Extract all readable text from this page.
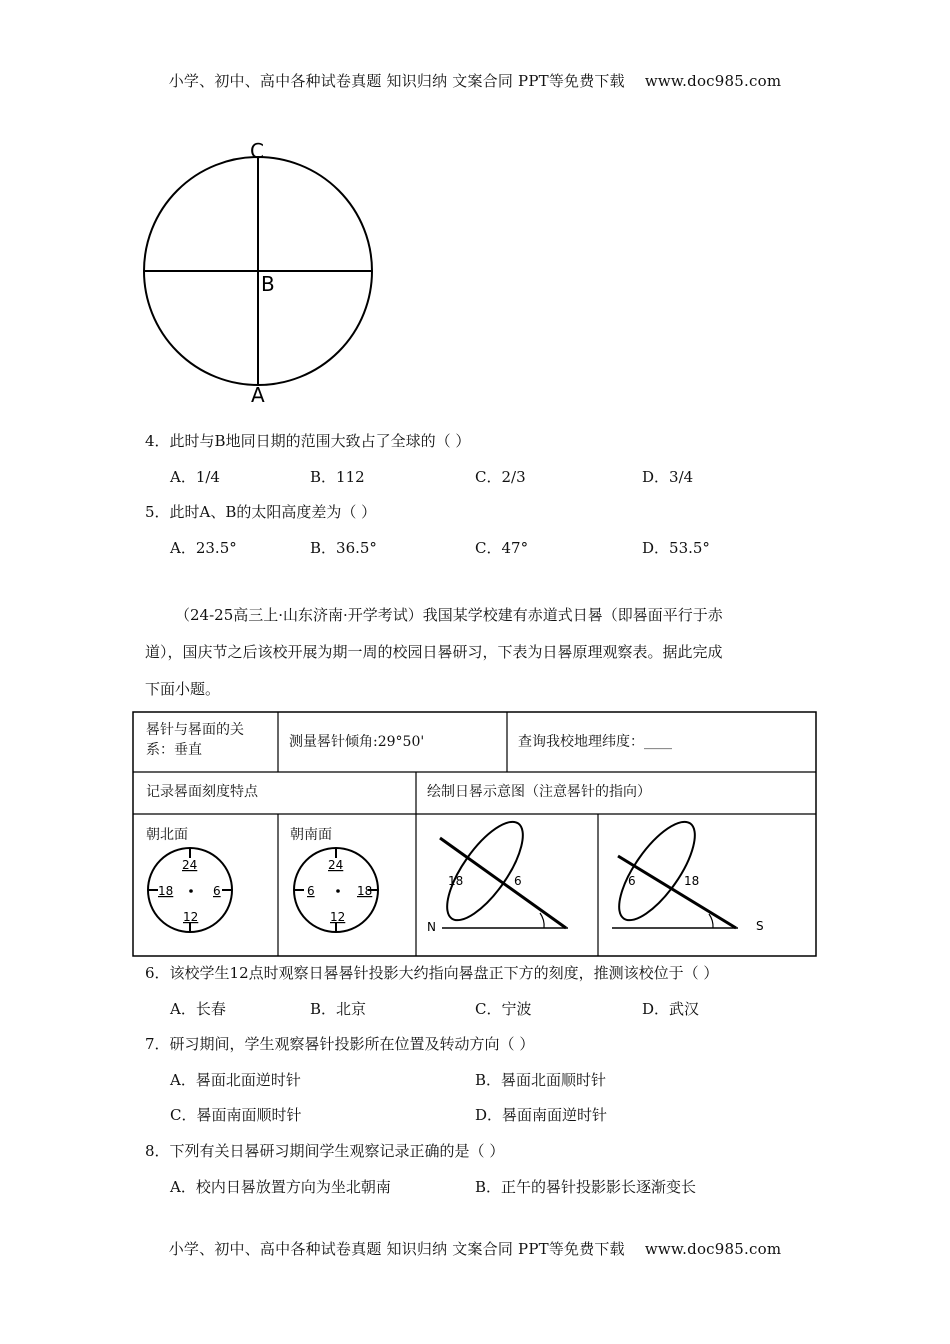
小学、初中、高中各种试卷真题 知识归纳 文案合同 PPT等免费下载 www.doc985.com
C
B
A
4．此时与B地同日期的范围大致占了全球的（ ）
A．1/4	B．112	C．2/3	D．3/4
5．此时A、B的太阳高度差为（ ）
A．23.5°	B．36.5°	C．47°	D．53.5°
（24-25高三上·山东济南·开学考试）我国某学校建有赤道式日晷（即晷面平行于赤
道），国庆节之后该校开展为期一周的校园日晷研习，下表为日晷原理观察表。据此完成
下面小题。
晷针与晷面的关
系：垂直	测量晷针倾角:29°50'	查询我校地理纬度：____
记录晷面刻度特点	绘制日晷示意图（注意晷针的指向）
朝北面
24
18	6
12
朝南面
24
6	18
12
18	6
N
6	18
S
6．该校学生12点时观察日晷晷针投影大约指向晷盘正下方的刻度，推测该校位于（ ）
A．长春	B．北京	C．宁波	D．武汉
7．研习期间，学生观察晷针投影所在位置及转动方向（ ）
A．晷面北面逆时针	B．晷面北面顺时针
C．晷面南面顺时针	D．晷面南面逆时针
8．下列有关日晷研习期间学生观察记录正确的是（ ）
A．校内日晷放置方向为坐北朝南	B．正午的晷针投影影长逐渐变长
小学、初中、高中各种试卷真题 知识归纳 文案合同 PPT等免费下载 www.doc985.com
